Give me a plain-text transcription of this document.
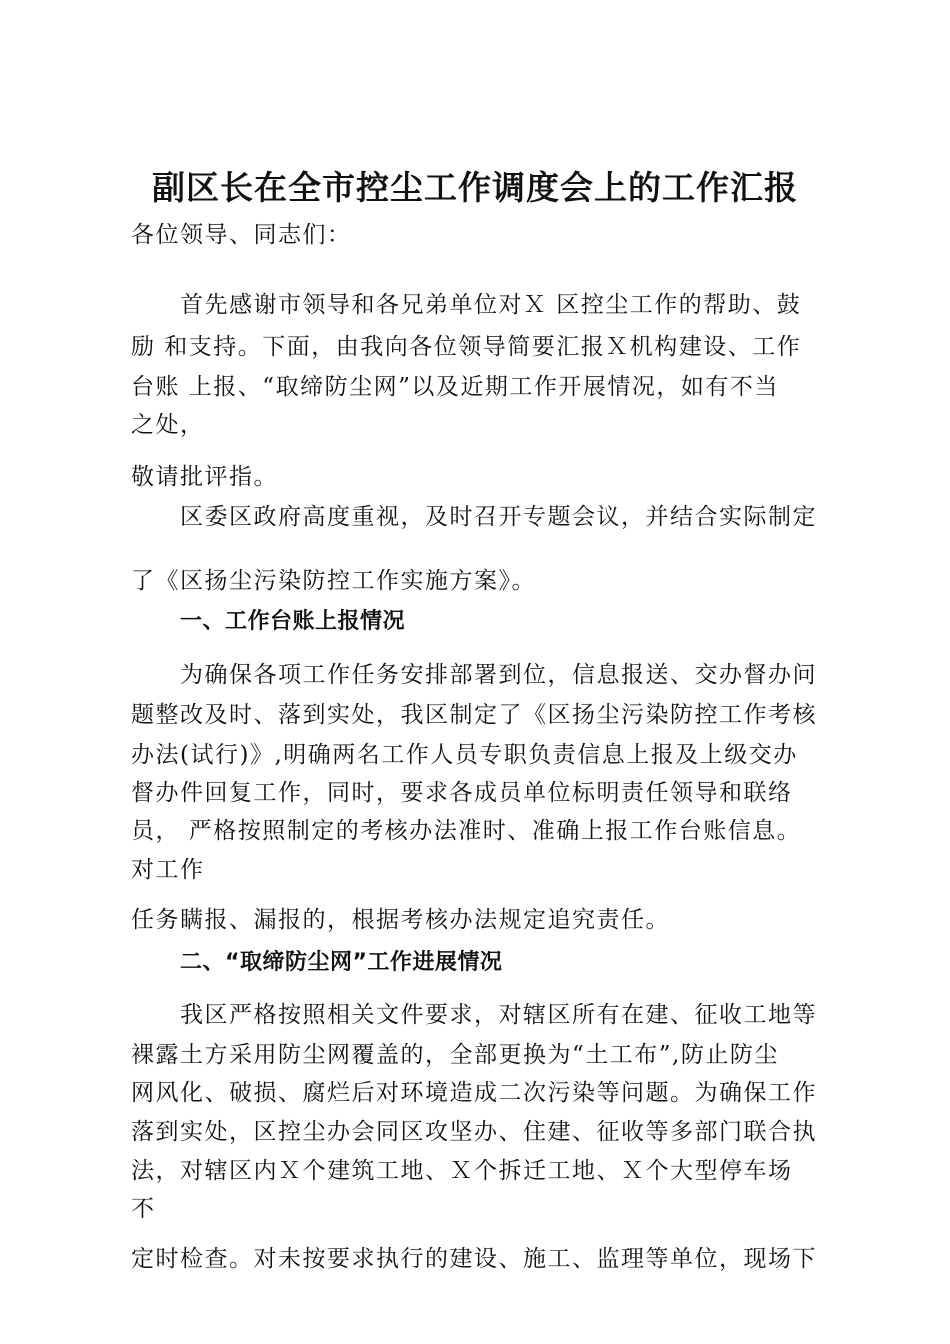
副区长在全市控尘工作调度会上的工作汇报
各位领导、同志们：
首先感谢市领导和各兄弟单位对Ｘ 区控尘工作的帮助、鼓
励 和支持。下面，由我向各位领导简要汇报Ｘ机构建设、工作
台账 上报、“取缔防尘网”以及近期工作开展情况，如有不当
之处，
敬请批评指。
区委区政府高度重视，及时召开专题会议，并结合实际制定
了《区扬尘污染防控工作实施方案》。
一、工作台账上报情况
为确保各项工作任务安排部署到位，信息报送、交办督办问
题整改及时、落到实处，我区制定了《区扬尘污染防控工作考核
办法(试行)》,明确两名工作人员专职负责信息上报及上级交办
督办件回复工作，同时，要求各成员单位标明责任领导和联络
员， 严格按照制定的考核办法准时、准确上报工作台账信息。
对工作
任务瞒报、漏报的，根据考核办法规定追究责任。
二、“取缔防尘网”工作进展情况
我区严格按照相关文件要求，对辖区所有在建、征收工地等
裸露土方采用防尘网覆盖的，全部更换为“土工布”,防止防尘
网风化、破损、腐烂后对环境造成二次污染等问题。为确保工作
落到实处，区控尘办会同区攻坚办、住建、征收等多部门联合执
法，对辖区内Ｘ个建筑工地、Ｘ个拆迁工地、Ｘ个大型停车场
不
定时检查。对未按要求执行的建设、施工、监理等单位，现场下
